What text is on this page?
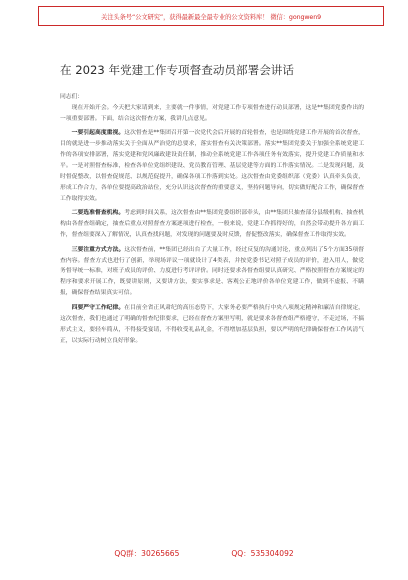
关注头条号“公文研究”，获得最新最全最专业的公文资料库！ 微信：gongwen9
在 2023 年党建工作专项督查动员部署会讲话
同志们：

现在开始开会。今天把大家请到来，主要就一件事情，对党建工作专项督查进行动员部署，这是**集团党委作出的一项重要部署。下面，结合这次督查方案，我讲几点意见。

一要引起高度重视。这次督查是**集团召开第一次党代会后开展的首轮督查，也是围绕党建工作开展的首次督查，目的就是进一步推动落实关于全面从严治党的总要求，落实督查有关决策部署。落实**集团党委关于加强全系统党建工作的各项安排部署，落实党建和党风廉政建设责任制，推动全系统党建工作各项任务有效落实，提升党建工作质量和水平。一是对照督查标准，检查各单位党组织建设、党员教育管理、基层党建等方面的工作落实情况。二是发现问题，及时督促整改，以督查促规范、以规范促提升，确保各项工作落到实处。这次督查由党委组织部（党委）认真牵头负责，形成工作合力，各单位要提高政治站位，充分认识这次督查的重要意义，坚持问题导向，切实做好配合工作，确保督查工作取得实效。

二要选准督查机构。考虑到时间关系，这次督查由**集团党委组织部牵头，由**集团只抽查部分县级机构、抽查机构由各督查组确定，抽查后重点对照督查方案逐项进行检查，一般来说，党建工作抓得好的，自然会带动提升各方面工作，督查组要深入了解情况，认真查找问题，对发现的问题要及时反馈，督促整改落实，确保督查工作取得实效。

三要注重方式方法。这次督查前，**集团已经出台了大量工作，经过反复的沟通讨论，重点列出了5个方面35项督查内容。督查方式也进行了创新，举现场评议一项就设计了4类表，并按党委书记对照子成员的评价，进入用人，做党务督导统一标准，对班子成员的评价、力度进行考评评价。同时还要求各督查组要认真研究、严格按照督查方案规定的程序和要求开展工作，既要讲原则，又要讲方法，要实事求是、客观公正地评价各单位党建工作，做到不虚报、不瞒报，确保督查结果真实可信。

四要严守工作纪律。在目前全省正风肃纪的高压态势下，大家务必要严格执行中央八项规定精神和廉洁自律规定，这次督查，我们也通过了明确的督查纪律要求，已经在督查方案里写明，就是要求各督查组严格遵守，不走过场，不搞形式主义，要轻车简从，不得接受宴请，不得收受礼品礼金，不得增加基层负担，要以严明的纪律确保督查工作风清气正，以实际行动树立良好形象。

QQ群：30265665	QQ：535304092
